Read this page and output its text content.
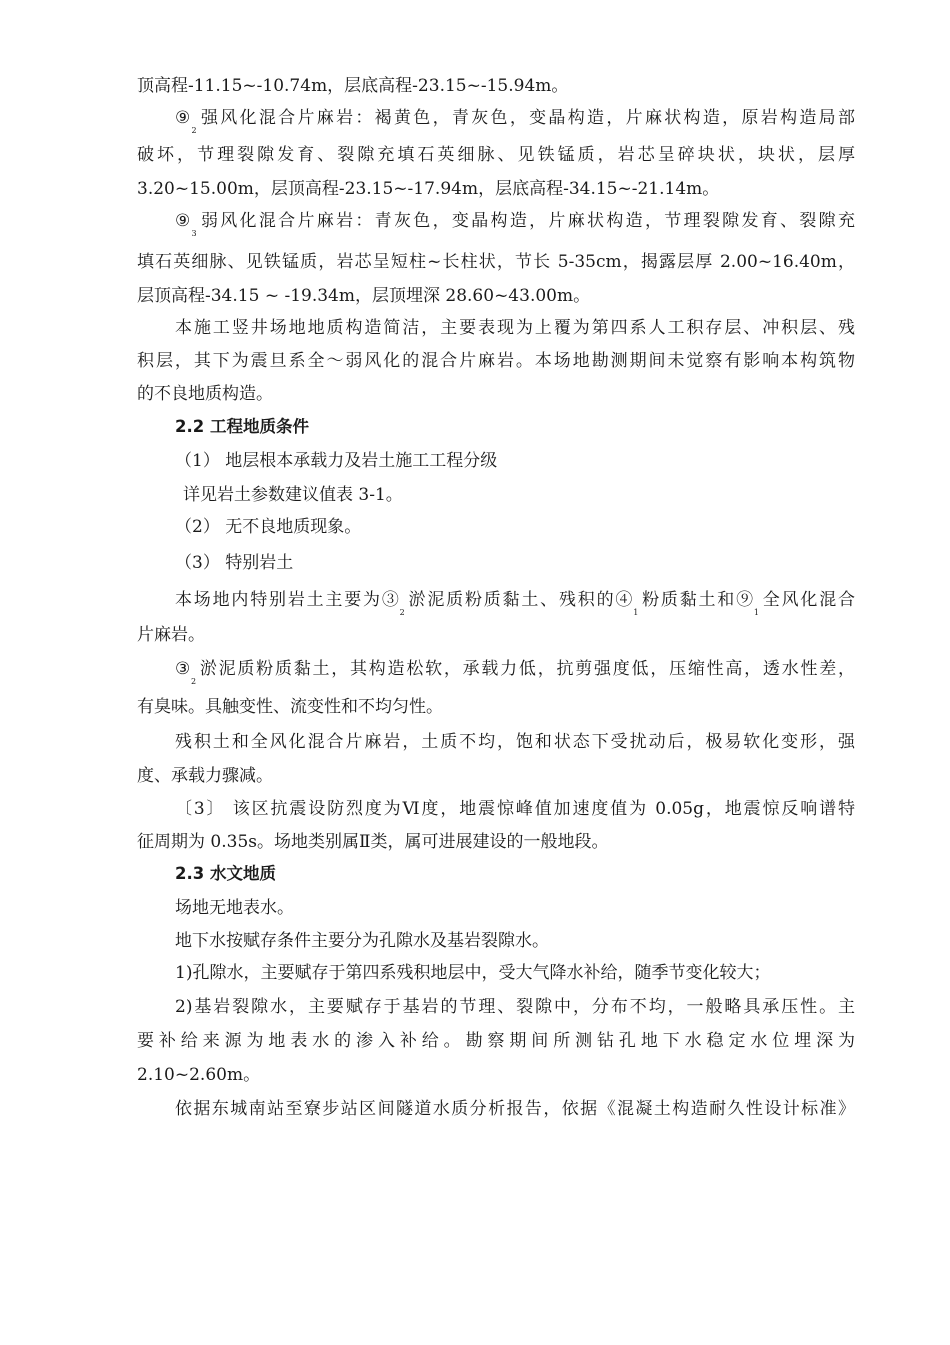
顶高程-11.15~-10.74m，层底高程-23.15~-15.94m。
$⑨_2$强风化混合片麻岩：褐黄色，青灰色，变晶构造，片麻状构造，原岩构造局部
破坏，节理裂隙发育、裂隙充填石英细脉、见铁锰质，岩芯呈碎块状，块状，层厚
3.20~15.00m，层顶高程-23.15~-17.94m，层底高程-34.15~-21.14m。
$⑨_3$弱风化混合片麻岩：青灰色，变晶构造，片麻状构造，节理裂隙发育、裂隙充
填石英细脉、见铁锰质，岩芯呈短柱~长柱状，节长 5-35cm，揭露层厚 2.00~16.40m，
层顶高程-34.15 ~ -19.34m，层顶埋深 28.60~43.00m。
本施工竖井场地地质构造简洁，主要表现为上覆为第四系人工积存层、冲积层、残
积层，其下为震旦系全～弱风化的混合片麻岩。本场地勘测期间未觉察有影响本构筑物
的不良地质构造。
2.2 工程地质条件
（1） 地层根本承载力及岩土施工工程分级
详见岩土参数建议值表 3-1。
（2） 无不良地质现象。
（3） 特别岩土
本场地内特别岩土主要为$③_2$淤泥质粉质黏土、残积的$④_1$粉质黏土和$⑨_1$全风化混合
片麻岩。
$③_2$淤泥质粉质黏土，其构造松软，承载力低，抗剪强度低，压缩性高，透水性差，
有臭味。具触变性、流变性和不均匀性。
残积土和全风化混合片麻岩，土质不均，饱和状态下受扰动后，极易软化变形，强
度、承载力骤减。
〔3〕 该区抗震设防烈度为Ⅵ度，地震惊峰值加速度值为 0.05g，地震惊反响谱特
征周期为 0.35s。场地类别属Ⅱ类，属可进展建设的一般地段。
2.3 水文地质
场地无地表水。
地下水按赋存条件主要分为孔隙水及基岩裂隙水。
1)孔隙水，主要赋存于第四系残积地层中，受大气降水补给，随季节变化较大；
2)基岩裂隙水，主要赋存于基岩的节理、裂隙中，分布不均，一般略具承压性。主
要补给来源为地表水的渗入补给。勘察期间所测钻孔地下水稳定水位埋深为
2.10~2.60m。
依据东城南站至寮步站区间隧道水质分析报告，依据《混凝土构造耐久性设计标准》
